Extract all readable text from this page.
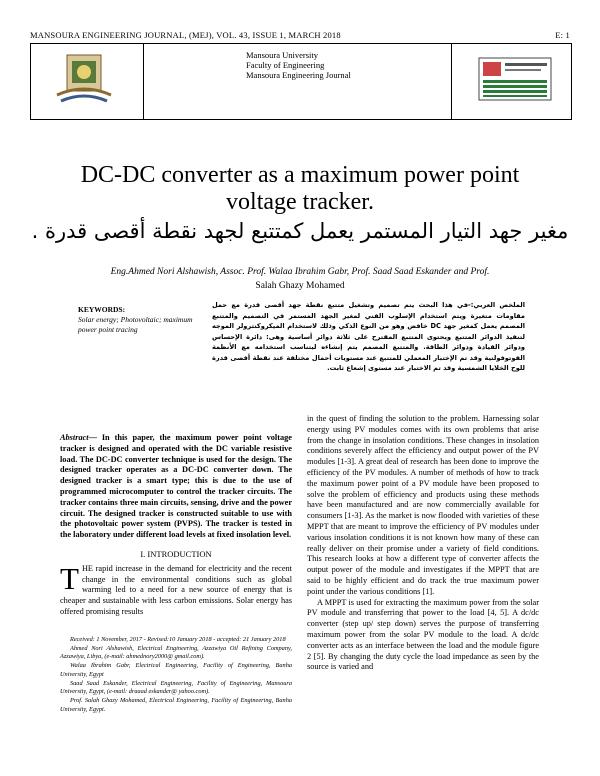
MANSOURA ENGINEERING JOURNAL, (MEJ), VOL. 43, ISSUE 1, MARCH 2018	E: 1
Mansoura University
Faculty of Engineering
Mansoura Engineering Journal
DC-DC converter as a maximum power point
voltage tracker.
مغير جهد التيار المستمر يعمل كمتتبع لجهد نقطة أقصى قدرة .
Eng.Ahmed Nori Alshawish, Assoc. Prof. Walaa Ibrahim Gabr, Prof. Saad Saad Eskander and Prof.
Salah Ghazy Mohamed
KEYWORDS:
Solar energy; Photovoltaic; maximum power point tracing
الملخص العربي:-في هذا البحث يتم تصميم وتشغيل متتبع نقطة جهد أقصى قدرة مع حمل مقاومات متغيرة ويتم استخدام الإسلوب الفني لمغير الجهد المستمر في التصميم والمتتبع المصمم يعمل كمغير جهد DC خافض وهو من النوع الذكي وذلك لاستخدام الميكروكنترولر الموجه لتنفيذ الدوائر المتتبع ويحتوى المتتبع المقترح على ثلاثة دوائر أساسية وهى: دائرة الإحساس ودوائر القيادة ودوائر الطاقة. والمتتبع المصمم يتم إنشاءه ليتناسب استخدامه مع الأنظمة الفوتوفولتية وقد تم الإختبار المعملي للمتتبع عند مستويات أحمال مختلفة عند نقطة أقصى قدرة للوح الخلايا الشمسية وقد تم الاختبار عند مستوى إشعاع ثابت.
Abstract— In this paper, the maximum power point voltage tracker is designed and operated with the DC variable resistive load. The DC-DC converter technique is used for the design. The designed tracker operates as a DC-DC converter down. The designed tracker is a smart type; this is due to the use of programmed microcomputer to control the tracker circuits. The tracker contains three main circuits, sensing, drive and the power circuit. The designed tracker is constructed suitable to use with the photovoltaic power system (PVPS). The tracker is tested in the laboratory under different load levels at fixed insolation level.
I. INTRODUCTION
THE rapid increase in the demand for electricity and the recent change in the environmental conditions such as global warming led to a need for a new source of energy that is cheaper and sustainable with less carbon emissions. Solar energy has offered promising results

Received: 1 November, 2017 - Revised:10 January 2018 - accepted: 21 January 2018

Ahmed Nori Alshawish, Electrical Engineering, Azzawiya Oil Refining Company, Azzawiya, Libya, (e-mail: ahmednory2000@ gmail.com).

Walaa Ibrahim Gabr, Electrical Engineering, Facility of Engineering, Banha University, Egypt

Saad Saad Eskander, Electrical Engineering, Facility of Engineering, Mansoura University, Egypt, (e-mail: draaad eskander@ yahoo.com).

Prof. Salah Ghazy Mohamed, Electrical Engineering, Facility of Engineering, Banha University, Egypt.

in the quest of finding the solution to the problem. Harnessing solar energy using PV modules comes with its own problems that arise from the change in insolation conditions. These changes in insolation conditions severely affect the efficiency and output power of the PV modules [1-3]. A great deal of research has been done to improve the efficiency of the PV modules. A number of methods of how to track the maximum power point of a PV module have been proposed to solve the problem of efficiency and products using these methods have been manufactured and are now commercially available for consumers [1-3]. As the market is now flooded with varieties of these MPPT that are meant to improve the efficiency of PV modules under various insolation conditions it is not known how many of these can really deliver on their promise under a variety of field conditions. This research looks at how a different type of converter affects the output power of the module and investigates if the MPPT that are said to be highly efficient and do track the true maximum power point under the various conditions [1].

A MPPT is used for extracting the maximum power from the solar PV module and transferring that power to the load [4, 5]. A dc/dc converter (step up/ step down) serves the purpose of transferring maximum power from the solar PV module to the load. A dc/dc converter acts as an interface between the load and the module figure 2 [5]. By changing the duty cycle the load impedance as seen by the source is varied and
